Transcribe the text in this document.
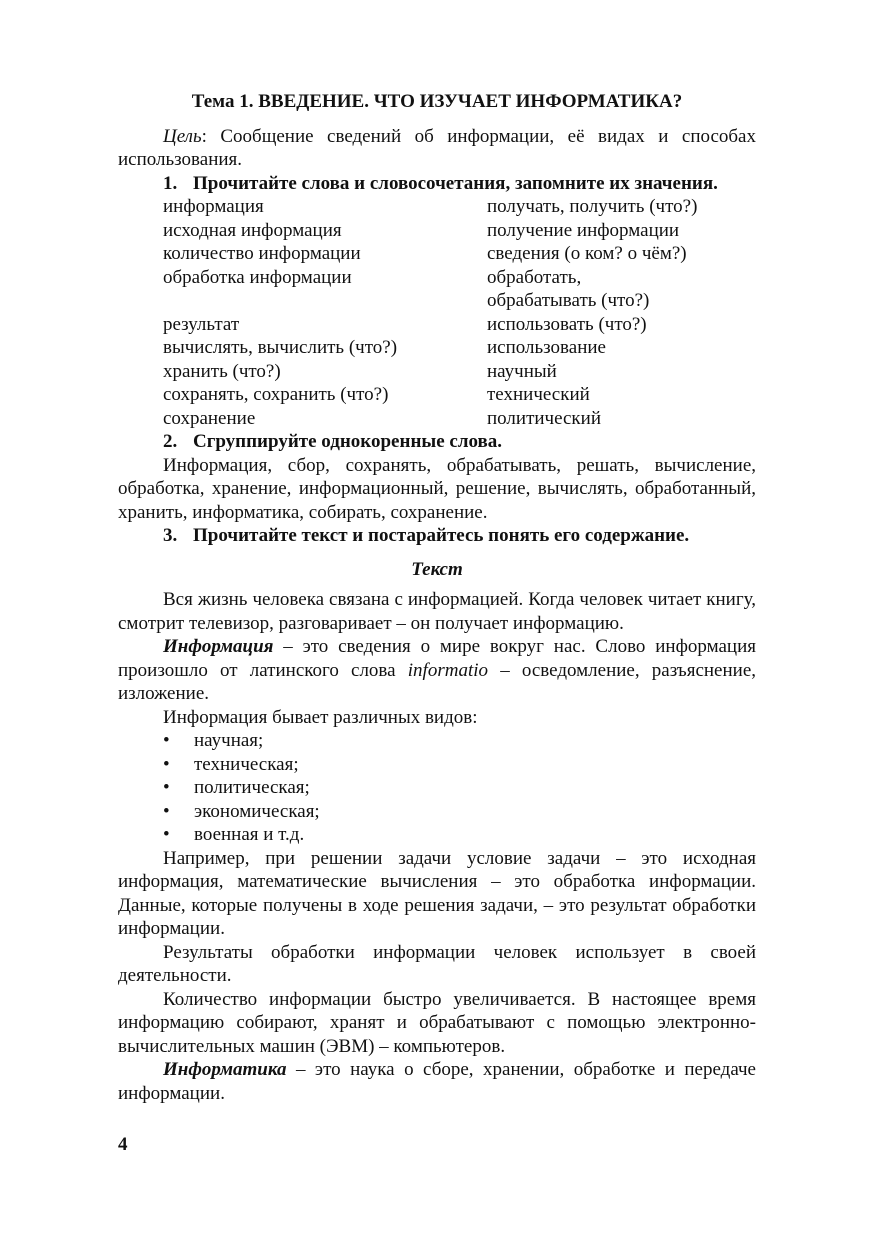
Тема 1. ВВЕДЕНИЕ. ЧТО ИЗУЧАЕТ ИНФОРМАТИКА?

Цель: Сообщение сведений об информации, её видах и способах использования.

1. Прочитайте слова и словосочетания, запомните их значения.
информация	получать, получить (что?)
исходная информация	получение информации
количество информации	сведения (о ком? о чём?)
обработка информации	обработать,

обрабатывать (что?)
результат	использовать (что?)
вычислять, вычислить (что?)	использование
хранить (что?)	научный
сохранять, сохранить (что?)	технический
сохранение	политический
2. Сгруппируйте однокоренные слова.

Информация, сбор, сохранять, обрабатывать, решать, вычисление, обработка, хранение, информационный, решение, вычислять, обработанный, хранить, информатика, собирать, сохранение.

3. Прочитайте текст и постарайтесь понять его содержание.
Текст

Вся жизнь человека связана с информацией. Когда человек читает книгу, смотрит телевизор, разговаривает – он получает информацию.

Информация – это сведения о мире вокруг нас. Слово информация произошло от латинского слова informatio – осведомление, разъяснение, изложение.

Информация бывает различных видов:

• научная;
• техническая;
• политическая;
• экономическая;
• военная и т.д.

Например, при решении задачи условие задачи – это исходная информация, математические вычисления – это обработка информации. Данные, которые получены в ходе решения задачи, – это результат обработки информации.

Результаты обработки информации человек использует в своей деятельности.

Количество информации быстро увеличивается. В настоящее время информацию собирают, хранят и обрабатывают с помощью электронно-вычислительных машин (ЭВМ) – компьютеров.

Информатика – это наука о сборе, хранении, обработке и передаче информации.

4
